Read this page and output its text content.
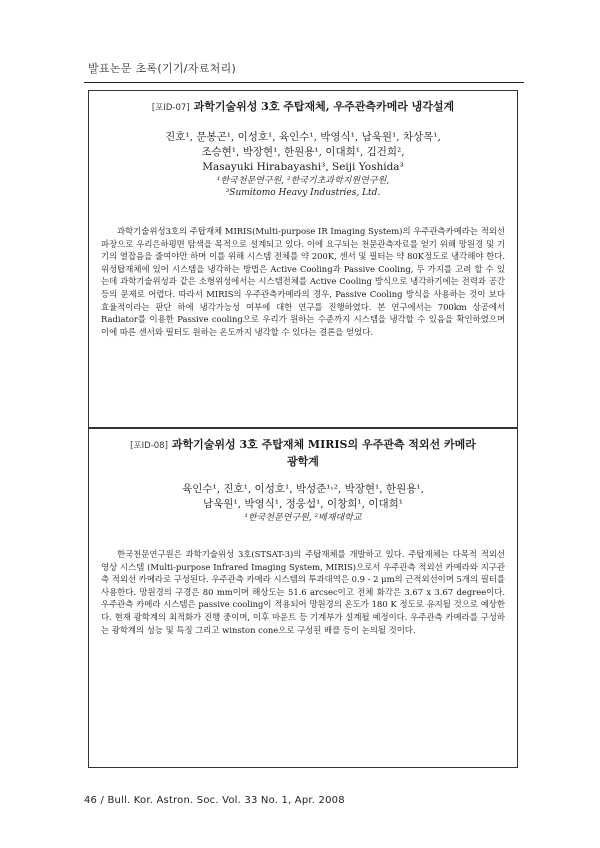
발표논문 초록(기기/자료처리)
[포ID-07] 과학기술위성 3호 주탑재체, 우주관측카메라 냉각설계
진호¹, 문봉곤¹, 이성호¹, 육인수¹, 박영식¹, 남욱원¹, 차상목¹,
조승현¹, 박장현¹, 한원용¹, 이대희¹, 김건희²,
Masayuki Hirabayashi³, Seiji Yoshida³
¹한국천문연구원, ²한국기초과학지원연구원,
³Sumitomo Heavy Industries, Ltd.
과학기술위성3호의 주탑재체 MIRIS(Multi-purpose IR Imaging System)의 우주관측카메라는 적외선파장으로 우리은하평면 탐색을 목적으로 설계되고 있다. 이에 요구되는 천문관측자료를 얻기 위해 망원경 및 기기의 열잡음을 줄여야만 하며 이를 위해 시스템 전체를 약 200K, 센서 및 필터는 약 80K정도로 냉각해야 한다. 위성탑재체에 있어 시스템을 냉각하는 방법은 Active Cooling과 Passive Cooling, 두 가지를 고려 할 수 있는데 과학기술위성과 같은 소형위성에서는 시스템전체를 Active Cooling 방식으로 냉각하기에는 전력과 공간 등의 문제로 어렵다. 따라서 MIRIS의 우주관측카메라의 경우, Passive Cooling 방식을 사용하는 것이 보다 효율적이라는 판단 하에 냉각가능성 여부에 대한 연구를 진행하였다. 본 연구에서는 700km 상공에서 Radiator를 이용한 Passive cooling으로 우리가 원하는 수준까지 시스템을 냉각할 수 있음을 확인하였으며 이에 따른 센서와 필터도 원하는 온도까지 냉각할 수 있다는 결론을 얻었다.
[포ID-08] 과학기술위성 3호 주탑재체 MIRIS의 우주관측 적외선 카메라
광학계
육인수¹, 진호¹, 이성호¹, 박성준¹˒², 박장현¹, 한원용¹,
남욱원¹, 박영식¹, 정웅섭¹, 이창희¹, 이대희¹
¹한국천문연구원, ²배재대학교
한국천문연구원은 과학기술위성 3호(STSAT-3)의 주탑재체를 개발하고 있다. 주탑재체는 다목적 적외선 영상 시스템 (Multi-purpose Infrared Imaging System, MIRIS)으로서 우주관측 적외선 카메라와 지구관측 적외선 카메라로 구성된다. 우주관측 카메라 시스템의 투과대역은 0.9 - 2 μm의 근적외선이며 5개의 필터를 사용한다. 망원경의 구경은 80 mm이며 해상도는 51.6 arcsec이고 전체 화각은 3.67 x 3.67 degree이다. 우주관측 카메라 시스템은 passive cooling이 적용되어 망원경의 온도가 180 K 정도로 유지될 것으로 예상한다. 현재 광학계의 최적화가 진행 중이며, 이후 마운트 등 기계부가 설계될 예정이다. 우주관측 카메라를 구성하는 광학계의 성능 및 특징 그리고 winston cone으로 구성된 배플 등이 논의될 것이다.
46 / Bull. Kor. Astron. Soc. Vol. 33 No. 1, Apr. 2008
